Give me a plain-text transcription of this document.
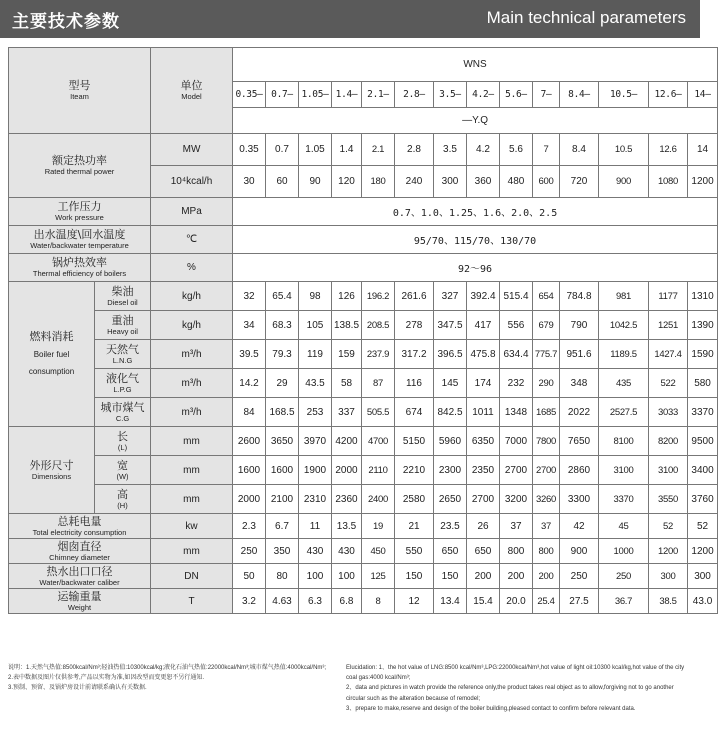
主要技术参数	Main technical parameters
型号
Iteam		单位
Model	WNS													
			0.35—	0.7—	1.05—	1.4—	2.1—	2.8—	3.5—	4.2—	5.6—	7—	8.4—	10.5—	12.6—	14—
			—Y.Q													

额定热功率
Rated thermal power		MW	0.35	0.7	1.05	1.4	2.1	2.8	3.5	4.2	5.6	7	8.4	10.5	12.6	14
		10⁴kcal/h	30	60	90	120	180	240	300	360	480	600	720	900	1080	1200

工作压力
Work pressure		MPa	0.7、1.0、1.25、1.6、2.0、2.5													

出水温度\回水温度
Water/backwater temperature		℃	95/70、115/70、130/70													

锅炉热效率
Thermal efficiency of boilers		%	92～96													

燃料消耗
Boiler fuel
consumption	柴油
Diesel oil	kg/h	32	65.4	98	126	196.2	261.6	327	392.4	515.4	654	784.8	981	1177	1310

	重油
Heavy oil	kg/h	34	68.3	105	138.5	208.5	278	347.5	417	556	679	790	1042.5	1251	1390

	天然气
L.N.G	m³/h	39.5	79.3	119	159	237.9	317.2	396.5	475.8	634.4	775.7	951.6	1189.5	1427.4	1590

	液化气
L.P.G	m³/h	14.2	29	43.5	58	87	116	145	174	232	290	348	435	522	580

	城市煤气
C.G	m³/h	84	168.5	253	337	505.5	674	842.5	1011	1348	1685	2022	2527.5	3033	3370

外形尺寸
Dimensions	长
(L)	mm	2600	3650	3970	4200	4700	5150	5960	6350	7000	7800	7650	8100	8200	9500

	宽
(W)	mm	1600	1600	1900	2000	2110	2210	2300	2350	2700	2700	2860	3100	3100	3400

	高
(H)	mm	2000	2100	2310	2360	2400	2580	2650	2700	3200	3260	3300	3370	3550	3760

总耗电量
Total electricity consumption		kw	2.3	6.7	11	13.5	19	21	23.5	26	37	37	42	45	52	52

烟囱直径
Chimney diameter		mm	250	350	430	430	450	550	650	650	800	800	900	1000	1200	1200

热水出口口径
Water/backwater caliber		DN	50	80	100	100	125	150	150	200	200	200	250	250	300	300

运输重量
Weight		T	3.2	4.63	6.3	6.8	8	12	13.4	15.4	20.0	25.4	27.5	36.7	38.5	43.0

说明：1.天然气热值:8500kcal/Nm³;轻油热值:10300kcal/kg;液化石油气热值:22000kcal/Nm³;城市煤气热值:4000kcal/Nm³;

2.表中数据及图片仅供参考,产品以实物为准,如因改型而变更恕不另行通知.

3.预制、预留、及锅炉房设计前请联系确认有关数据.

Elucidation: 1、the hot value of LNG:8500 kcal/Nm³,LPG:22000kcal/Nm³,hot value of light oil:10300 kcal/kg,hot value of the city coal gas:4000 kcal/Nm³;

2、data and pictures in watch provide the reference only,the product takes real object as to allow,forgiving not to go another circular such as the alteration because of remodel;

3、prepare to make,reserve and design of the boiler building,pleased contact to confirm before relevant data.
